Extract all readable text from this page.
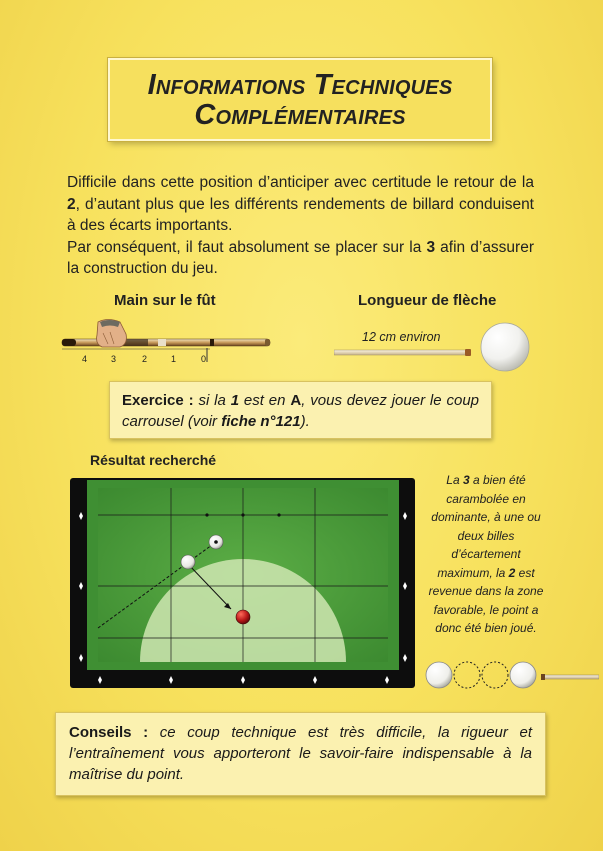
Informations Techniques
Complémentaires

Difficile dans cette position d’anticiper avec certitude le retour de la 2, d’autant plus que les différents rendements de billard conduisent à des écarts importants.

Par conséquent, il faut absolument se placer sur la 3 afin d’assurer la construction du jeu.

Main sur le fût
4	3	2	1	0
Longueur de flèche
12 cm environ
Exercice : si la 1 est en A, vous devez jouer le coup carrousel (voir fiche n°121).
Résultat recherché
La 3 a bien été carambolée en dominante, à une ou deux billes d’écartement maximum, la 2 est revenue dans la zone favorable, le point a donc été bien joué.
Conseils : ce coup technique est très difficile, la rigueur et l’entraînement vous apporteront le savoir-faire indispensable à la maîtrise du point.
